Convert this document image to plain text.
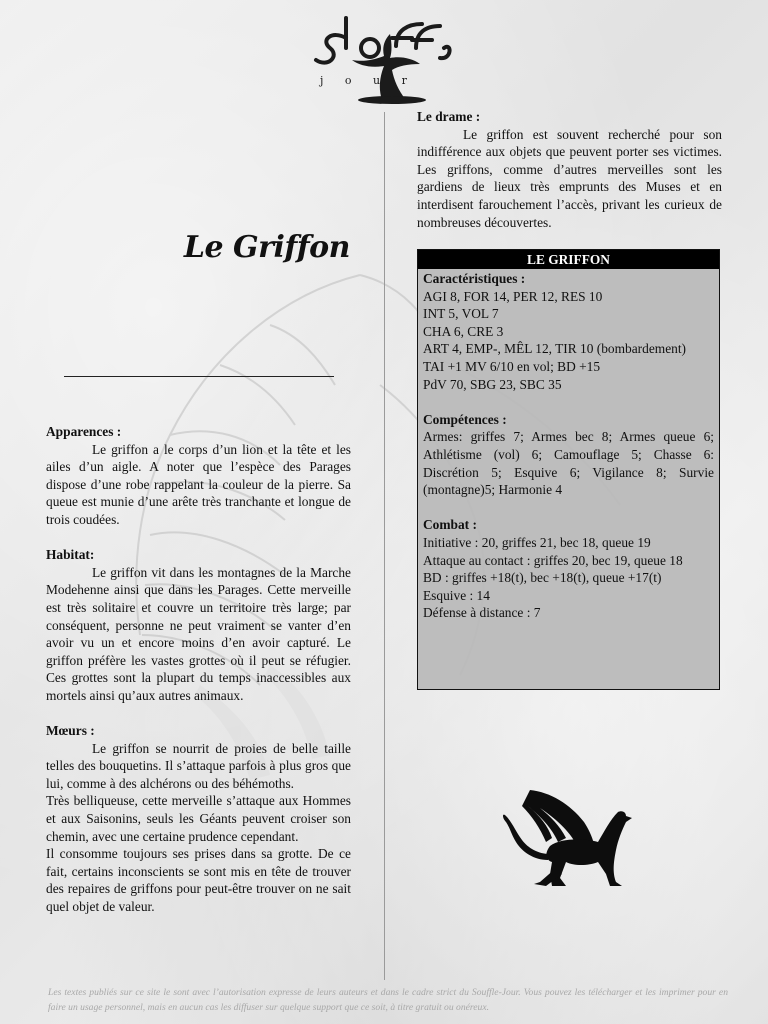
j o u r
Le Griffon
Apparences :

Le griffon a le corps d’un lion et la tête et les ailes d’un aigle. A noter que l’espèce des Parages dispose d’une robe rappelant la couleur de la pierre. Sa queue est munie d’une arête très tranchante et longue de trois coudées.

Habitat:

Le griffon vit dans les montagnes de la Marche Modehenne ainsi que dans les Parages. Cette merveille est très solitaire et couvre un territoire très large; par conséquent, personne ne peut vraiment se vanter d’en avoir vu un et encore moins d’en avoir capturé. Le griffon préfère les vastes grottes où il peut se réfugier. Ces grottes sont la plupart du temps inaccessibles aux mortels ainsi qu’aux autres animaux.

Mœurs :

Le griffon se nourrit de proies de belle taille telles des bouquetins. Il s’attaque parfois à plus gros que lui, comme à des alchérons ou des béhémoths.

Très belliqueuse, cette merveille s’attaque aux Hommes et aux Saisonins, seuls les Géants peuvent croiser son chemin, avec une certaine prudence cependant.

Il consomme toujours ses prises dans sa grotte. De ce fait, certains inconscients se sont mis en tête de trouver des repaires de griffons pour peut-être trouver on ne sait quel objet de valeur.

Le drame :

Le griffon est souvent recherché pour son indifférence aux objets que peuvent porter ses victimes. Les griffons, comme d’autres merveilles sont les gardiens de lieux très emprunts des Muses et en interdisent farouchement l’accès, privant les curieux de nombreuses découvertes.

LE GRIFFON
Caractéristiques :
AGI 8, FOR 14, PER 12, RES 10
INT 5, VOL 7
CHA 6, CRE 3
ART 4, EMP-, MÊL 12, TIR 10 (bombardement)
TAI +1 MV 6/10 en vol; BD +15
PdV 70, SBG 23, SBC 35
Compétences :
Armes: griffes 7; Armes bec 8; Armes queue 6; Athlétisme (vol) 6; Camouflage 5; Chasse 6: Discrétion 5; Esquive 6; Vigilance 8; Survie (montagne)5; Harmonie 4
Combat :
Initiative : 20, griffes 21, bec 18, queue 19
Attaque au contact : griffes 20, bec 19, queue 18
BD : griffes +18(t), bec +18(t), queue +17(t)
Esquive : 14
Défense à distance : 7
Les textes publiés sur ce site le sont avec l’autorisation expresse de leurs auteurs et dans le cadre strict du Souffle-Jour. Vous pouvez les télécharger et les imprimer pour en faire un usage personnel, mais en aucun cas les diffuser sur quelque support que ce soit, à titre gratuit ou onéreux.
